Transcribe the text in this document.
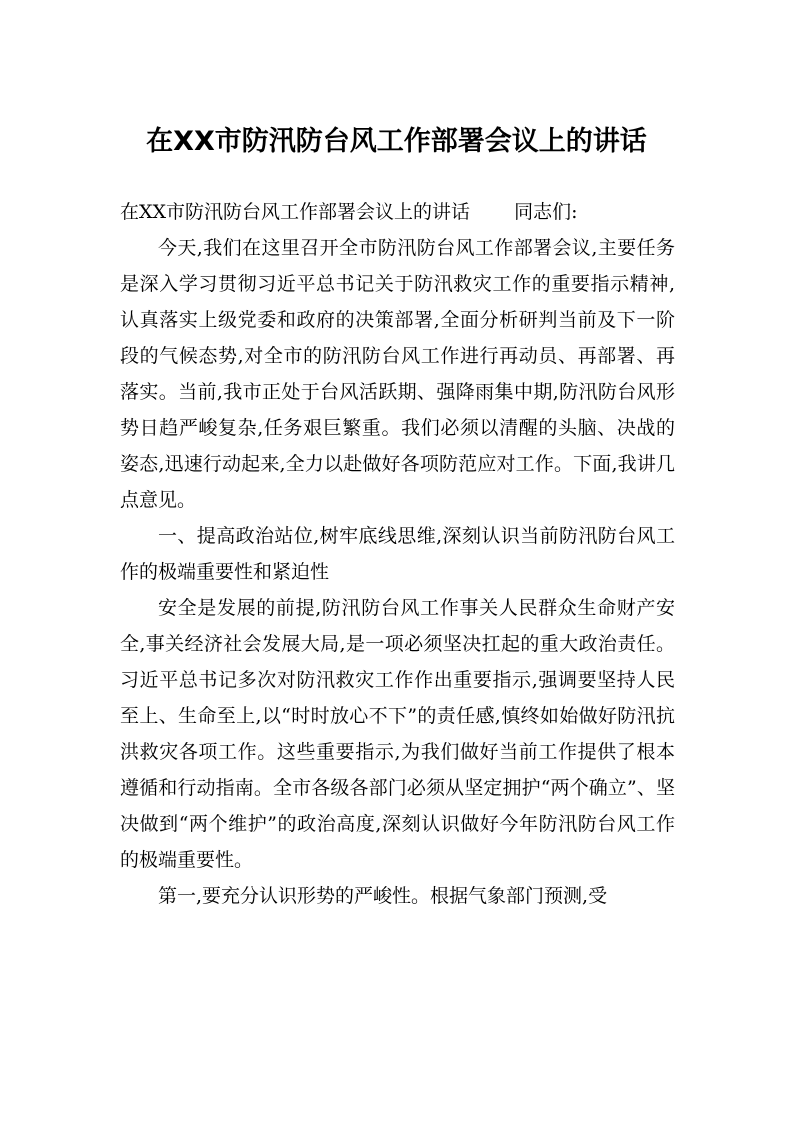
在XX市防汛防台风工作部署会议上的讲话

在XX市防汛防台风工作部署会议上的讲话 同志们:

今天,我们在这里召开全市防汛防台风工作部署会议,主要任务是深入学习贯彻习近平总书记关于防汛救灾工作的重要指示精神,认真落实上级党委和政府的决策部署,全面分析研判当前及下一阶段的气候态势,对全市的防汛防台风工作进行再动员、再部署、再落实。当前,我市正处于台风活跃期、强降雨集中期,防汛防台风形势日趋严峻复杂,任务艰巨繁重。我们必须以清醒的头脑、决战的姿态,迅速行动起来,全力以赴做好各项防范应对工作。下面,我讲几点意见。

一、提高政治站位,树牢底线思维,深刻认识当前防汛防台风工作的极端重要性和紧迫性

安全是发展的前提,防汛防台风工作事关人民群众生命财产安全,事关经济社会发展大局,是一项必须坚决扛起的重大政治责任。习近平总书记多次对防汛救灾工作作出重要指示,强调要坚持人民至上、生命至上,以“时时放心不下”的责任感,慎终如始做好防汛抗洪救灾各项工作。这些重要指示,为我们做好当前工作提供了根本遵循和行动指南。全市各级各部门必须从坚定拥护“两个确立”、坚决做到“两个维护”的政治高度,深刻认识做好今年防汛防台风工作的极端重要性。

第一,要充分认识形势的严峻性。根据气象部门预测,受
